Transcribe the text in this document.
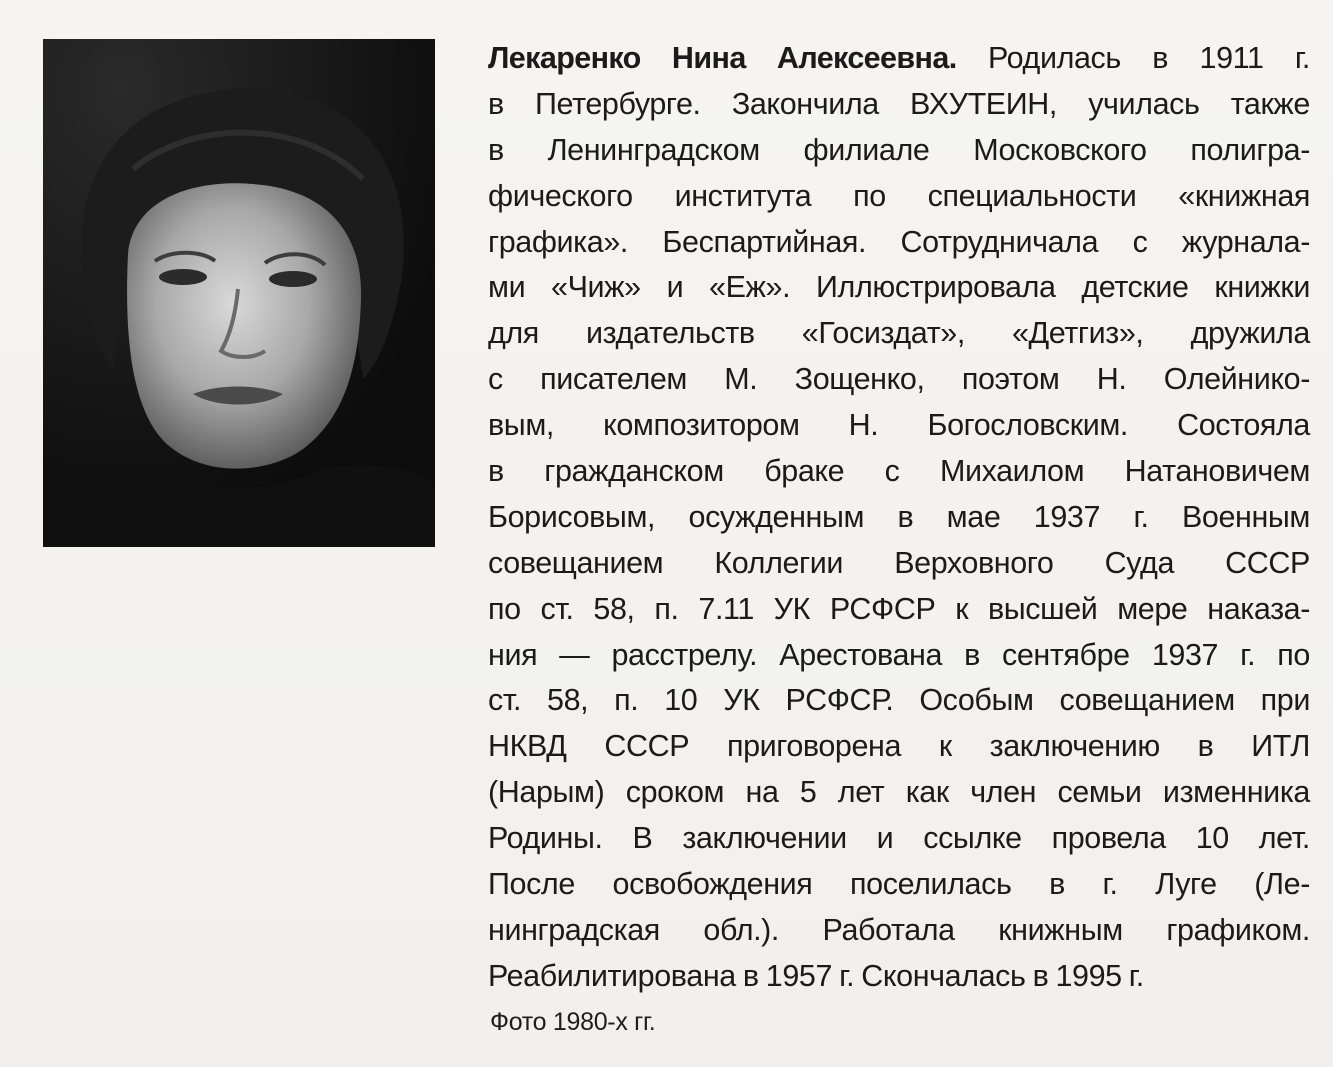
Лекаренко Нина Алексеевна. Родилась в 1911 г.
в Петербурге. Закончила ВХУТЕИН, училась также
в Ленинградском филиале Московского полигра-
фического института по специальности «книжная
графика». Беспартийная. Сотрудничала с журнала-
ми «Чиж» и «Еж». Иллюстрировала детские книжки
для издательств «Госиздат», «Детгиз», дружила
с писателем М. Зощенко, поэтом Н. Олейнико-
вым, композитором Н. Богословским. Состояла
в гражданском браке с Михаилом Натановичем
Борисовым, осужденным в мае 1937 г. Военным
совещанием Коллегии Верховного Суда СССР
по ст. 58, п. 7.11 УК РСФСР к высшей мере наказа-
ния — расстрелу. Арестована в сентябре 1937 г. по
ст. 58, п. 10 УК РСФСР. Особым совещанием при
НКВД СССР приговорена к заключению в ИТЛ
(Нарым) сроком на 5 лет как член семьи изменника
Родины. В заключении и ссылке провела 10 лет.
После освобождения поселилась в г. Луге (Ле-
нинградская обл.). Работала книжным графиком.
Реабилитирована в 1957 г. Скончалась в 1995 г.
Фото 1980-х гг.
